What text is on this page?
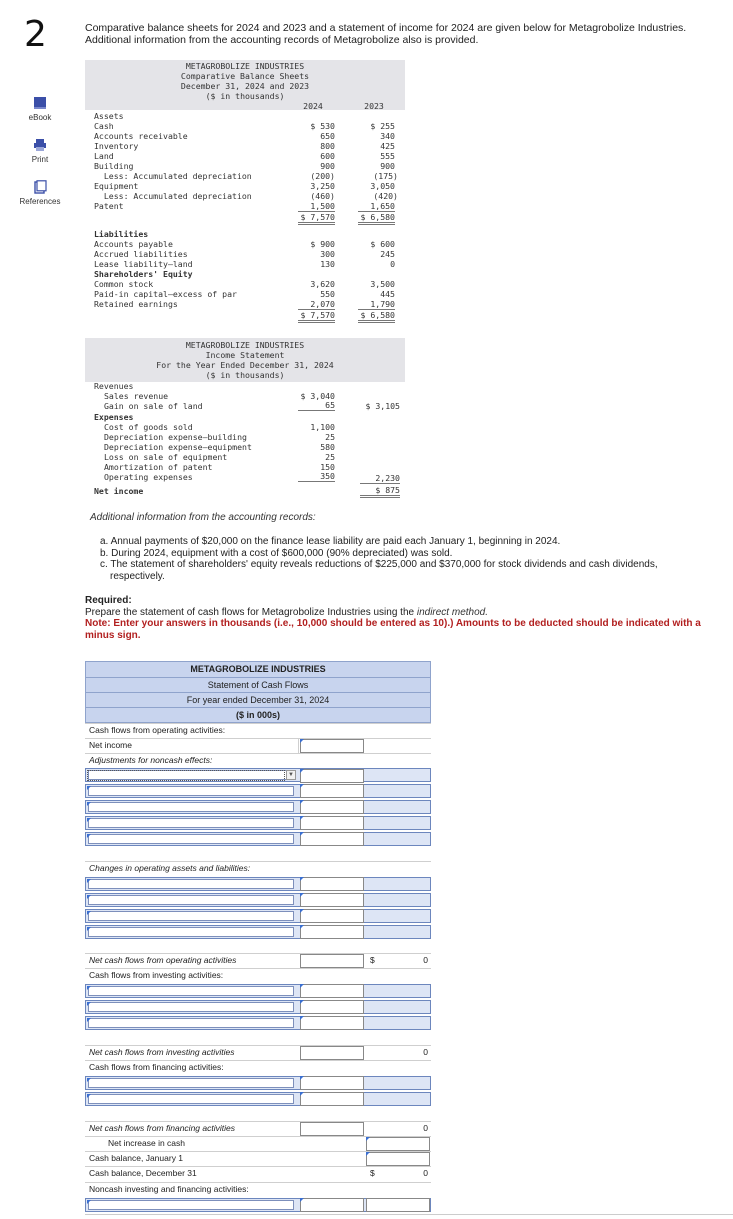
2
eBook
Print
References
Comparative balance sheets for 2024 and 2023 and a statement of income for 2024 are given below for Metagrobolize Industries.
Additional information from the accounting records of Metagrobolize also is provided.
METAGROBOLIZE INDUSTRIES
Comparative Balance Sheets
December 31, 2024 and 2023
($ in thousands)
2024	2023
Assets
Cash	$ 530	$ 255
Accounts receivable	650	340
Inventory	800	425
Land	600	555
Building	900	900
Less: Accumulated depreciation	(200)	(175)
Equipment	3,250	3,050
Less: Accumulated depreciation	(460)	(420)
Patent	1,500	1,650
$ 7,570	$ 6,580
Liabilities
Accounts payable	$ 900	$ 600
Accrued liabilities	300	245
Lease liability—land	130	0
Shareholders' Equity
Common stock	3,620	3,500
Paid-in capital—excess of par	550	445
Retained earnings	2,070	1,790
$ 7,570	$ 6,580
METAGROBOLIZE INDUSTRIES
Income Statement
For the Year Ended December 31, 2024
($ in thousands)
Revenues
Sales revenue	$ 3,040
Gain on sale of land	65	$ 3,105
Expenses
Cost of goods sold	1,100
Depreciation expense—building	25
Depreciation expense—equipment	580
Loss on sale of equipment	25
Amortization of patent	150
Operating expenses	350	2,230
Net income	$ 875
Additional information from the accounting records:
a. Annual payments of $20,000 on the finance lease liability are paid each January 1, beginning in 2024.
b. During 2024, equipment with a cost of $600,000 (90% depreciated) was sold.
c. The statement of shareholders' equity reveals reductions of $225,000 and $370,000 for stock dividends and cash dividends,
respectively.
Required:
Prepare the statement of cash flows for Metagrobolize Industries using the indirect method.
Note: Enter your answers in thousands (i.e., 10,000 should be entered as 10).) Amounts to be deducted should be indicated with a minus sign.
METAGROBOLIZE INDUSTRIES
Statement of Cash Flows
For year ended December 31, 2024
($ in 000s)
Cash flows from operating activities:
Net income
Adjustments for noncash effects:
▼
Changes in operating assets and liabilities:
Net cash flows from operating activities	$	0
Cash flows from investing activities:
Net cash flows from investing activities	0
Cash flows from financing activities:
Net cash flows from financing activities	0
Net increase in cash
Cash balance, January 1
Cash balance, December 31	$	0
Noncash investing and financing activities:
